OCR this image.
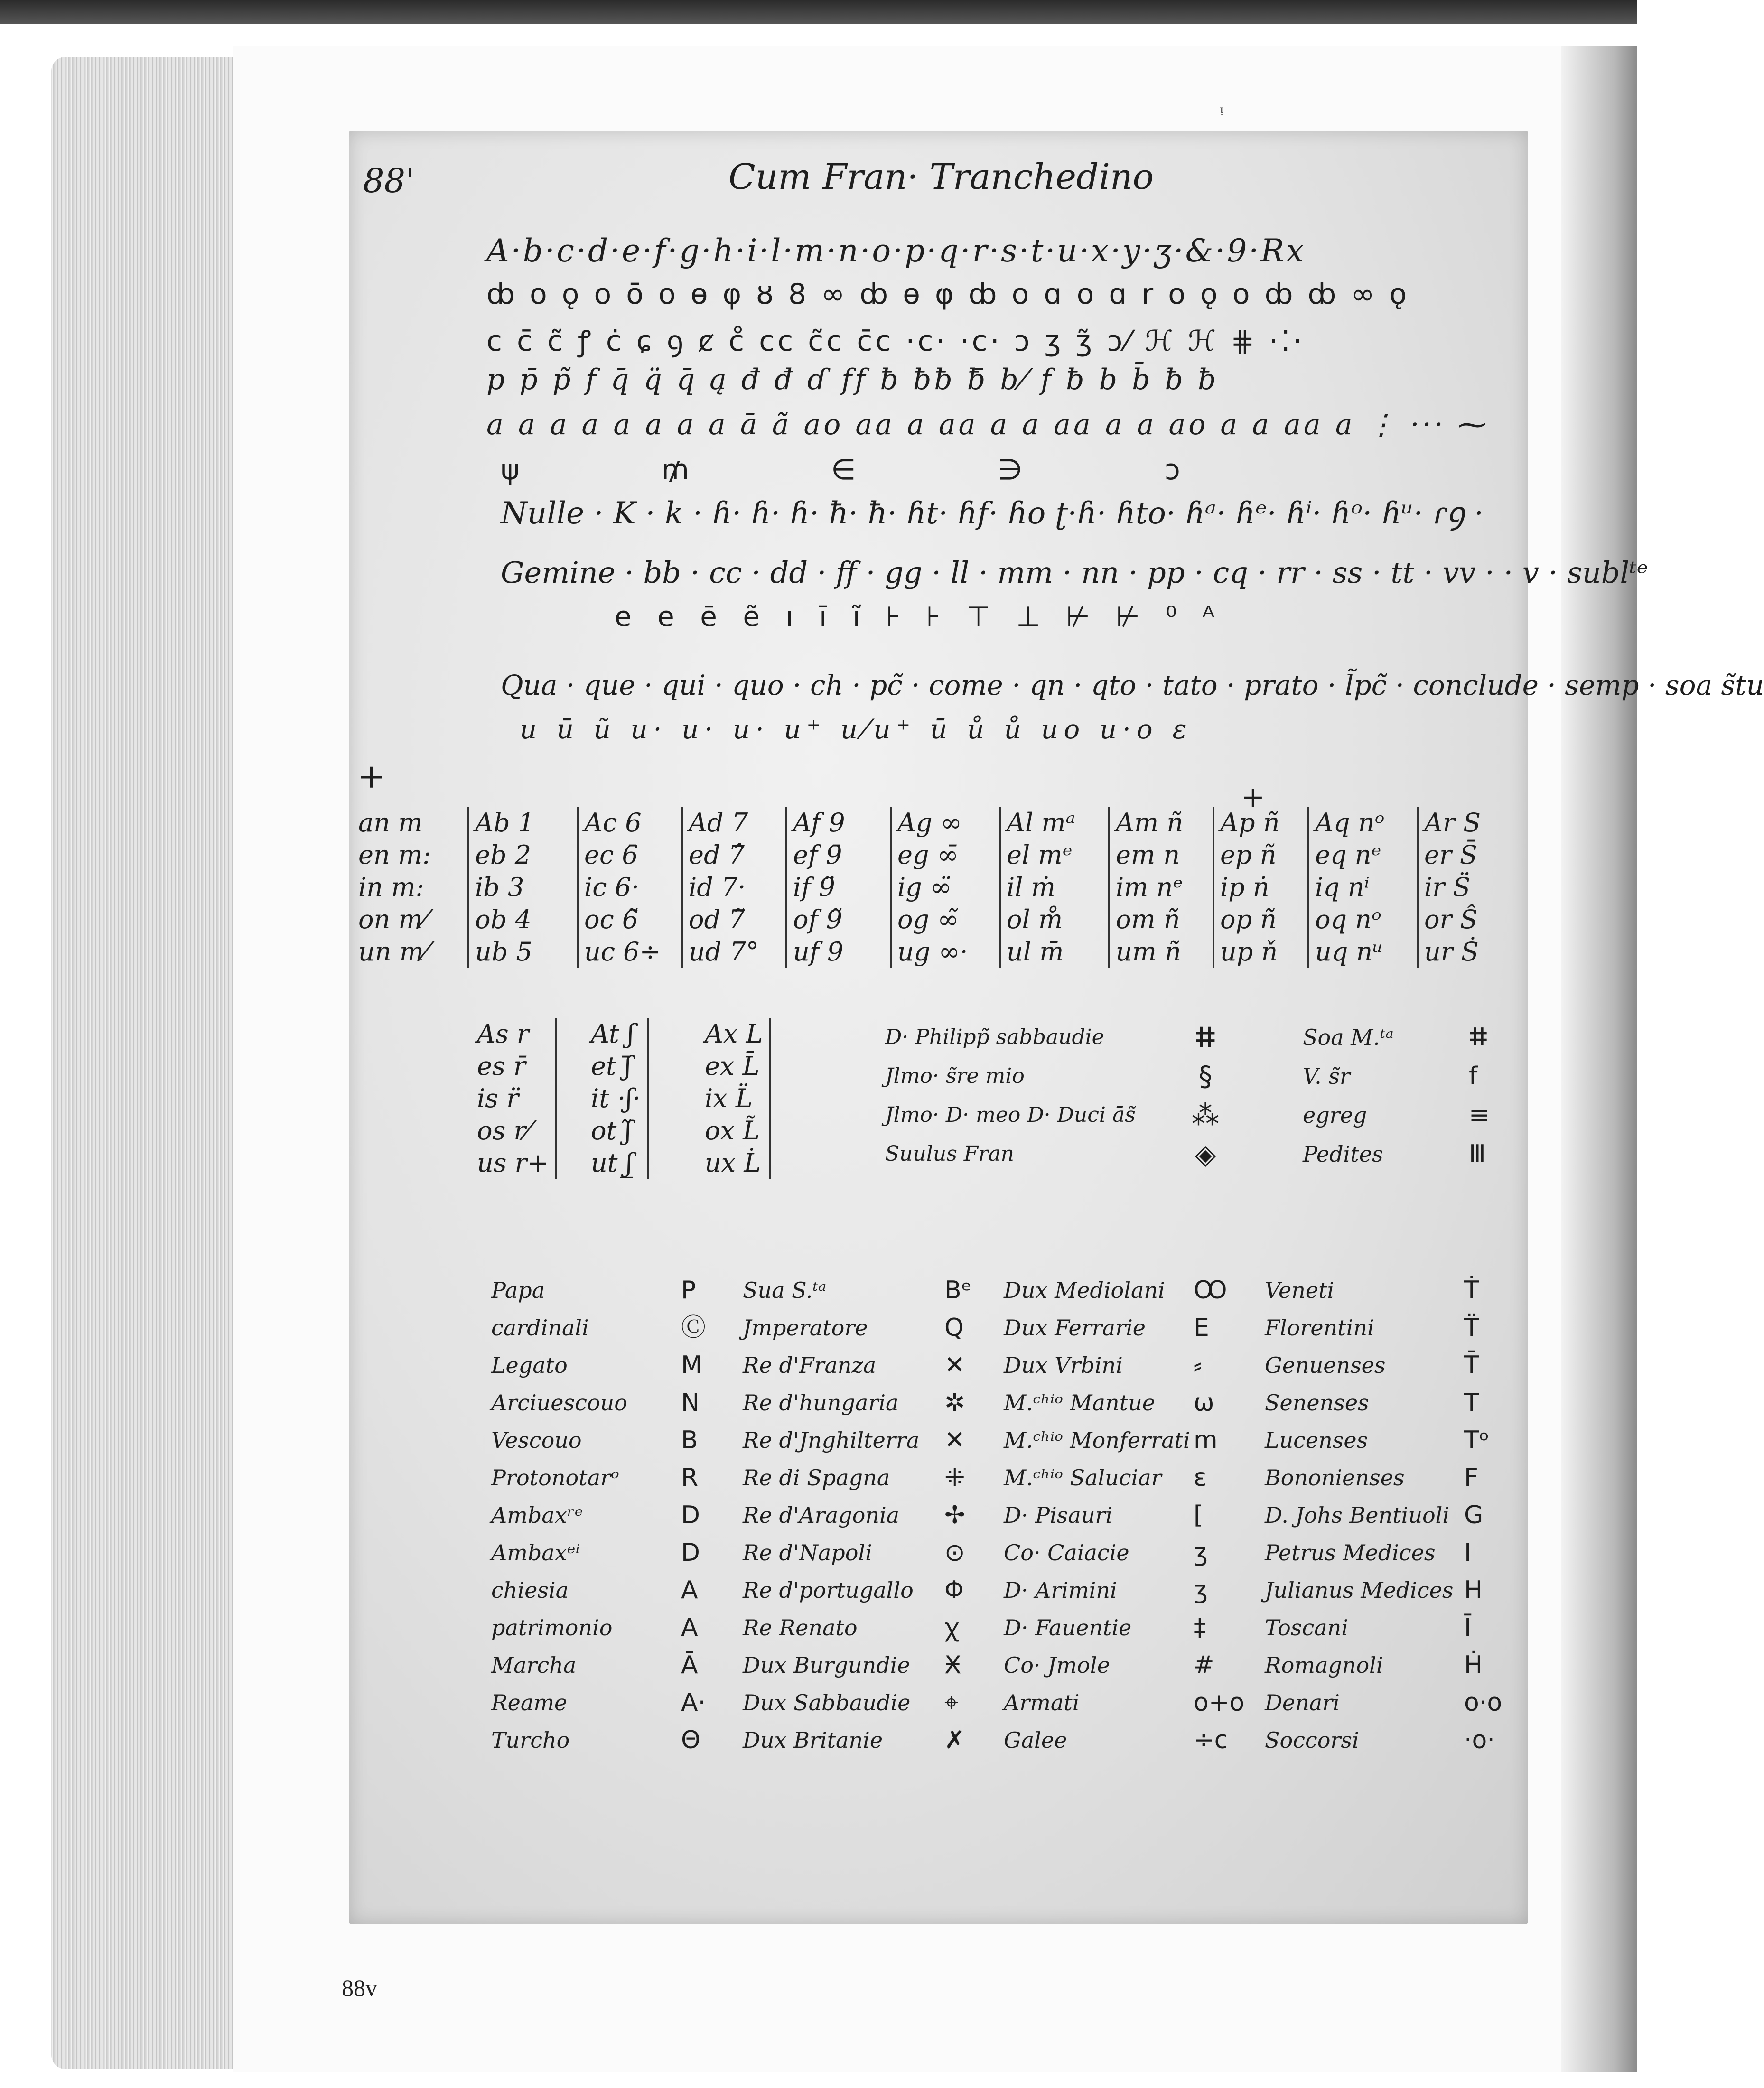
ᵎ
88'	Cum Fran· Tranchedino
A·b·c·d·e·f·g·h·i·l·m·n·o·p·q·r·s·t·u·x·y·ʒ·&·9·Rx
ȸ o ǫ o ō o ɵ φ ȣ 8 ∞ ȸ ɵ φ ȸ o ɑ o ɑ r o ǫ o ȸ ȸ ∞ ǫ
c c̄ c̃ ꝭ ċ ɕ ꝯ ȼ c̊ cc c̃c c̄c ·c· ·c· ɔ ʒ ʒ̃ ɔ⁄ ℋ ℋ ⋕ ·⁚·
p p̄ p̃ f q̄ q̈ q̄ ą đ đ ɗ ff ƀ ƀƀ ƀ̄ b⁄ f ƀ b b̄ ƀ ƀ
a a a a a a a a ā ã ao aa a aa a a aa a a ao a a aa a ⋮ ··· ⁓
ψ ₥ ∈ ∋ ↄ
Nulle · K · k · ɦ· ɦ· ɦ· ħ· ħ· ɦt· ɦf· ɦo ʈ·ɦ· ɦto· ɦᵃ· ɦᵉ· ɦⁱ· ɦᵒ· ɦᵘ· ɾꝯ ·
Gemine · bb · cc · dd · ff · gg · ll · mm · nn · pp · cq · rr · ss · tt · vv · · v · sublᵗᵉ
e e ē ẽ ı ī ĩ ⊦ ⊦ ⊤ ⊥ ⊬ ⊬ ⁰ ᴬ
Qua · que · qui · quo · ch · pc̃ · come · qn · qto · tato · prato · l̃pc̃ · conclude · semp · soa s̃tu
u ū ũ u· u· u· u⁺ u⁄u⁺ ū ů ů uo u·o ɛ
+
+
an m
en m:
in m:
on m⁄
un m⁄
Ab 1
eb 2
ib 3
ob 4
ub 5
Ac 6
ec 6̄
ic 6·
oc 6̃
uc 6÷
Ad 7
ed 7̂
id 7·
od 7̃
ud 7°
Af 9
ef 9̄
if 9̈
of 9̃
uf 9̇
Ag ∞
eg ∞̄
ig ∞̈
og ∞̃
ug ∞·
Al mᵃ
el mᵉ
il ṁ
ol m̊
ul m̄
Am ñ
em n
im nᵉ
om ñ
um ñ
Ap ñ
ep ñ
ip ṅ
op ñ
up ň
Aq nᵒ
eq nᵉ
iq nⁱ
oq nᵒ
uq nᵘ
Ar S
er S̄
ir S̈
or Ŝ
ur Ṡ
As r
es r̄
is r̈
os r⁄
us r+
At ʃ
et ʃ̄
it ·ʃ·
ot ʃ̃
ut ʃ̲
Ax L
ex L̄
ix L̈
ox L̃
ux L̇
D· Philipp̃ sabbaudie
Jlmo· s̃re mio
Jlmo· D· meo D· Duci ās̃
Suulus Fran
ⵌ
§
⁂
◈
Soa M.ᵗᵃ
V. s̃r
egreg
Pedites
ⵌ
f
≡
Ⅲ
Papa
cardinali
Legato
Arciuescouo
Vescouo
Protonotarᵒ
Ambaxʳᵉ
Ambaxᵉⁱ
chiesia
patrimonio
Marcha
Reame
Turcho
P
Ⓒ
M
N
B
R
D
D
A
A
Ā
A·
Θ
Sua S.ᵗᵃ
Jmperatore
Re d'Franza
Re d'hungaria
Re d'Jnghilterra
Re di Spagna
Re d'Aragonia
Re d'Napoli
Re d'portugallo
Re Renato
Dux Burgundie
Dux Sabbaudie
Dux Britanie
Bᵉ
Q
✕
✲
✕
⁜
✢
⊙
Φ
ꭓ
Ӿ
⌖
✗
Dux Mediolani
Dux Ferrarie
Dux Vrbini
M.ᶜʰⁱᵒ Mantue
M.ᶜʰⁱᵒ Monferrati
M.ᶜʰⁱᵒ Saluciar
D· Pisauri
Co· Caiacie
D· Arimini
D· Fauentie
Co· Jmole
Armati
Galee
Ꝏ
E
⸗
ω
m
ε
[
ʒ
ʒ
‡
#
o+o
÷c
Veneti
Florentini
Genuenses
Senenses
Lucenses
Bononienses
D. Johs Bentiuoli
Petrus Medices
Julianus Medices
Toscani
Romagnoli
Denari
Soccorsi
Ṫ
T̈
T̄
T
Tᵒ
F
G
I
H
Ī
Ḣ
o·o
·o·
88v
